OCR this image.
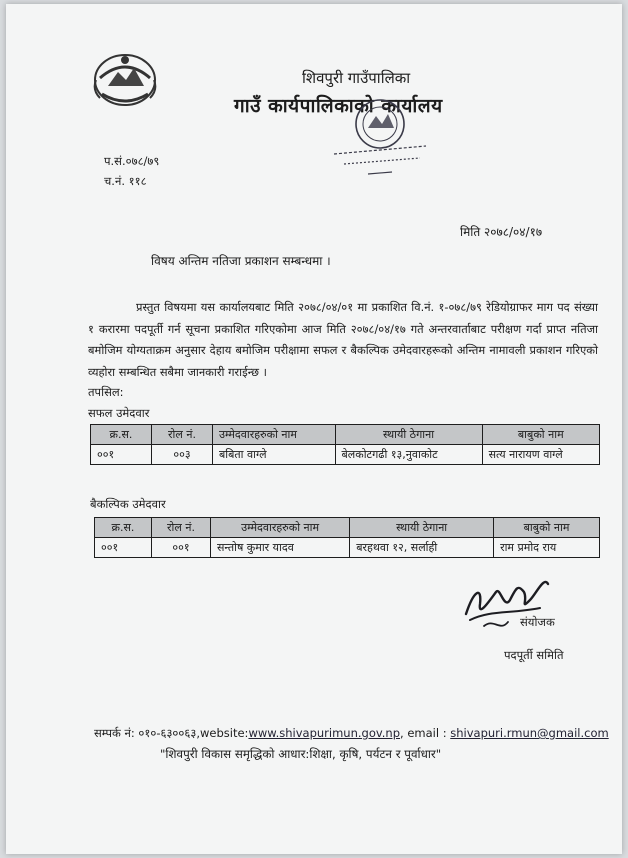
शिवपुरी गाउँपालिका
गाउँ कार्यपालिकाको कार्यालय
प.सं.०७८/७९
च.नं. ११८
मिति २०७८/०४/१७
विषय अन्तिम नतिजा प्रकाशन सम्बन्धमा ।
प्रस्तुत विषयमा यस कार्यालयबाट मिति २०७८/०४/०१ मा प्रकाशित वि.नं. १-०७८/७९ रेडियोग्राफर माग पद संख्या १ करारमा पदपूर्ती गर्न सूचना प्रकाशित गरिएकोमा आज मिति २०७८/०४/१७ गते अन्तरवार्ताबाट परीक्षण गर्दा प्राप्त नतिजा बमोजिम योग्यताक्रम अनुसार देहाय बमोजिम परीक्षामा सफल र बैकल्पिक उमेदवारहरूको अन्तिम नामावली प्रकाशन गरिएको व्यहोरा सम्बन्धित सबैमा जानकारी गराईन्छ ।
तपसिल:
सफल उमेदवार
क्र.स.	रोल नं.	उम्मेदवारहरुको नाम	स्थायी ठेगाना	बाबुको नाम
००१	००३	बबिता वाग्ले	बेलकोटगढी १३,नुवाकोट	सत्य नारायण वाग्ले
बैकल्पिक उमेदवार
क्र.स.	रोल नं.	उम्मेदवारहरुको नाम	स्थायी ठेगाना	बाबुको नाम
००१	००१	सन्तोष कुमार यादव	बरहथवा १२, सर्लाही	राम प्रमोद राय
संयोजक
पदपूर्ती समिति
सम्पर्क नं: ०१०-६३००६३,website:www.shivapurimun.gov.np, email : shivapuri.rmun@gmail.com
"शिवपुरी विकास समृद्धिको आधार:शिक्षा, कृषि, पर्यटन र पूर्वाधार"
